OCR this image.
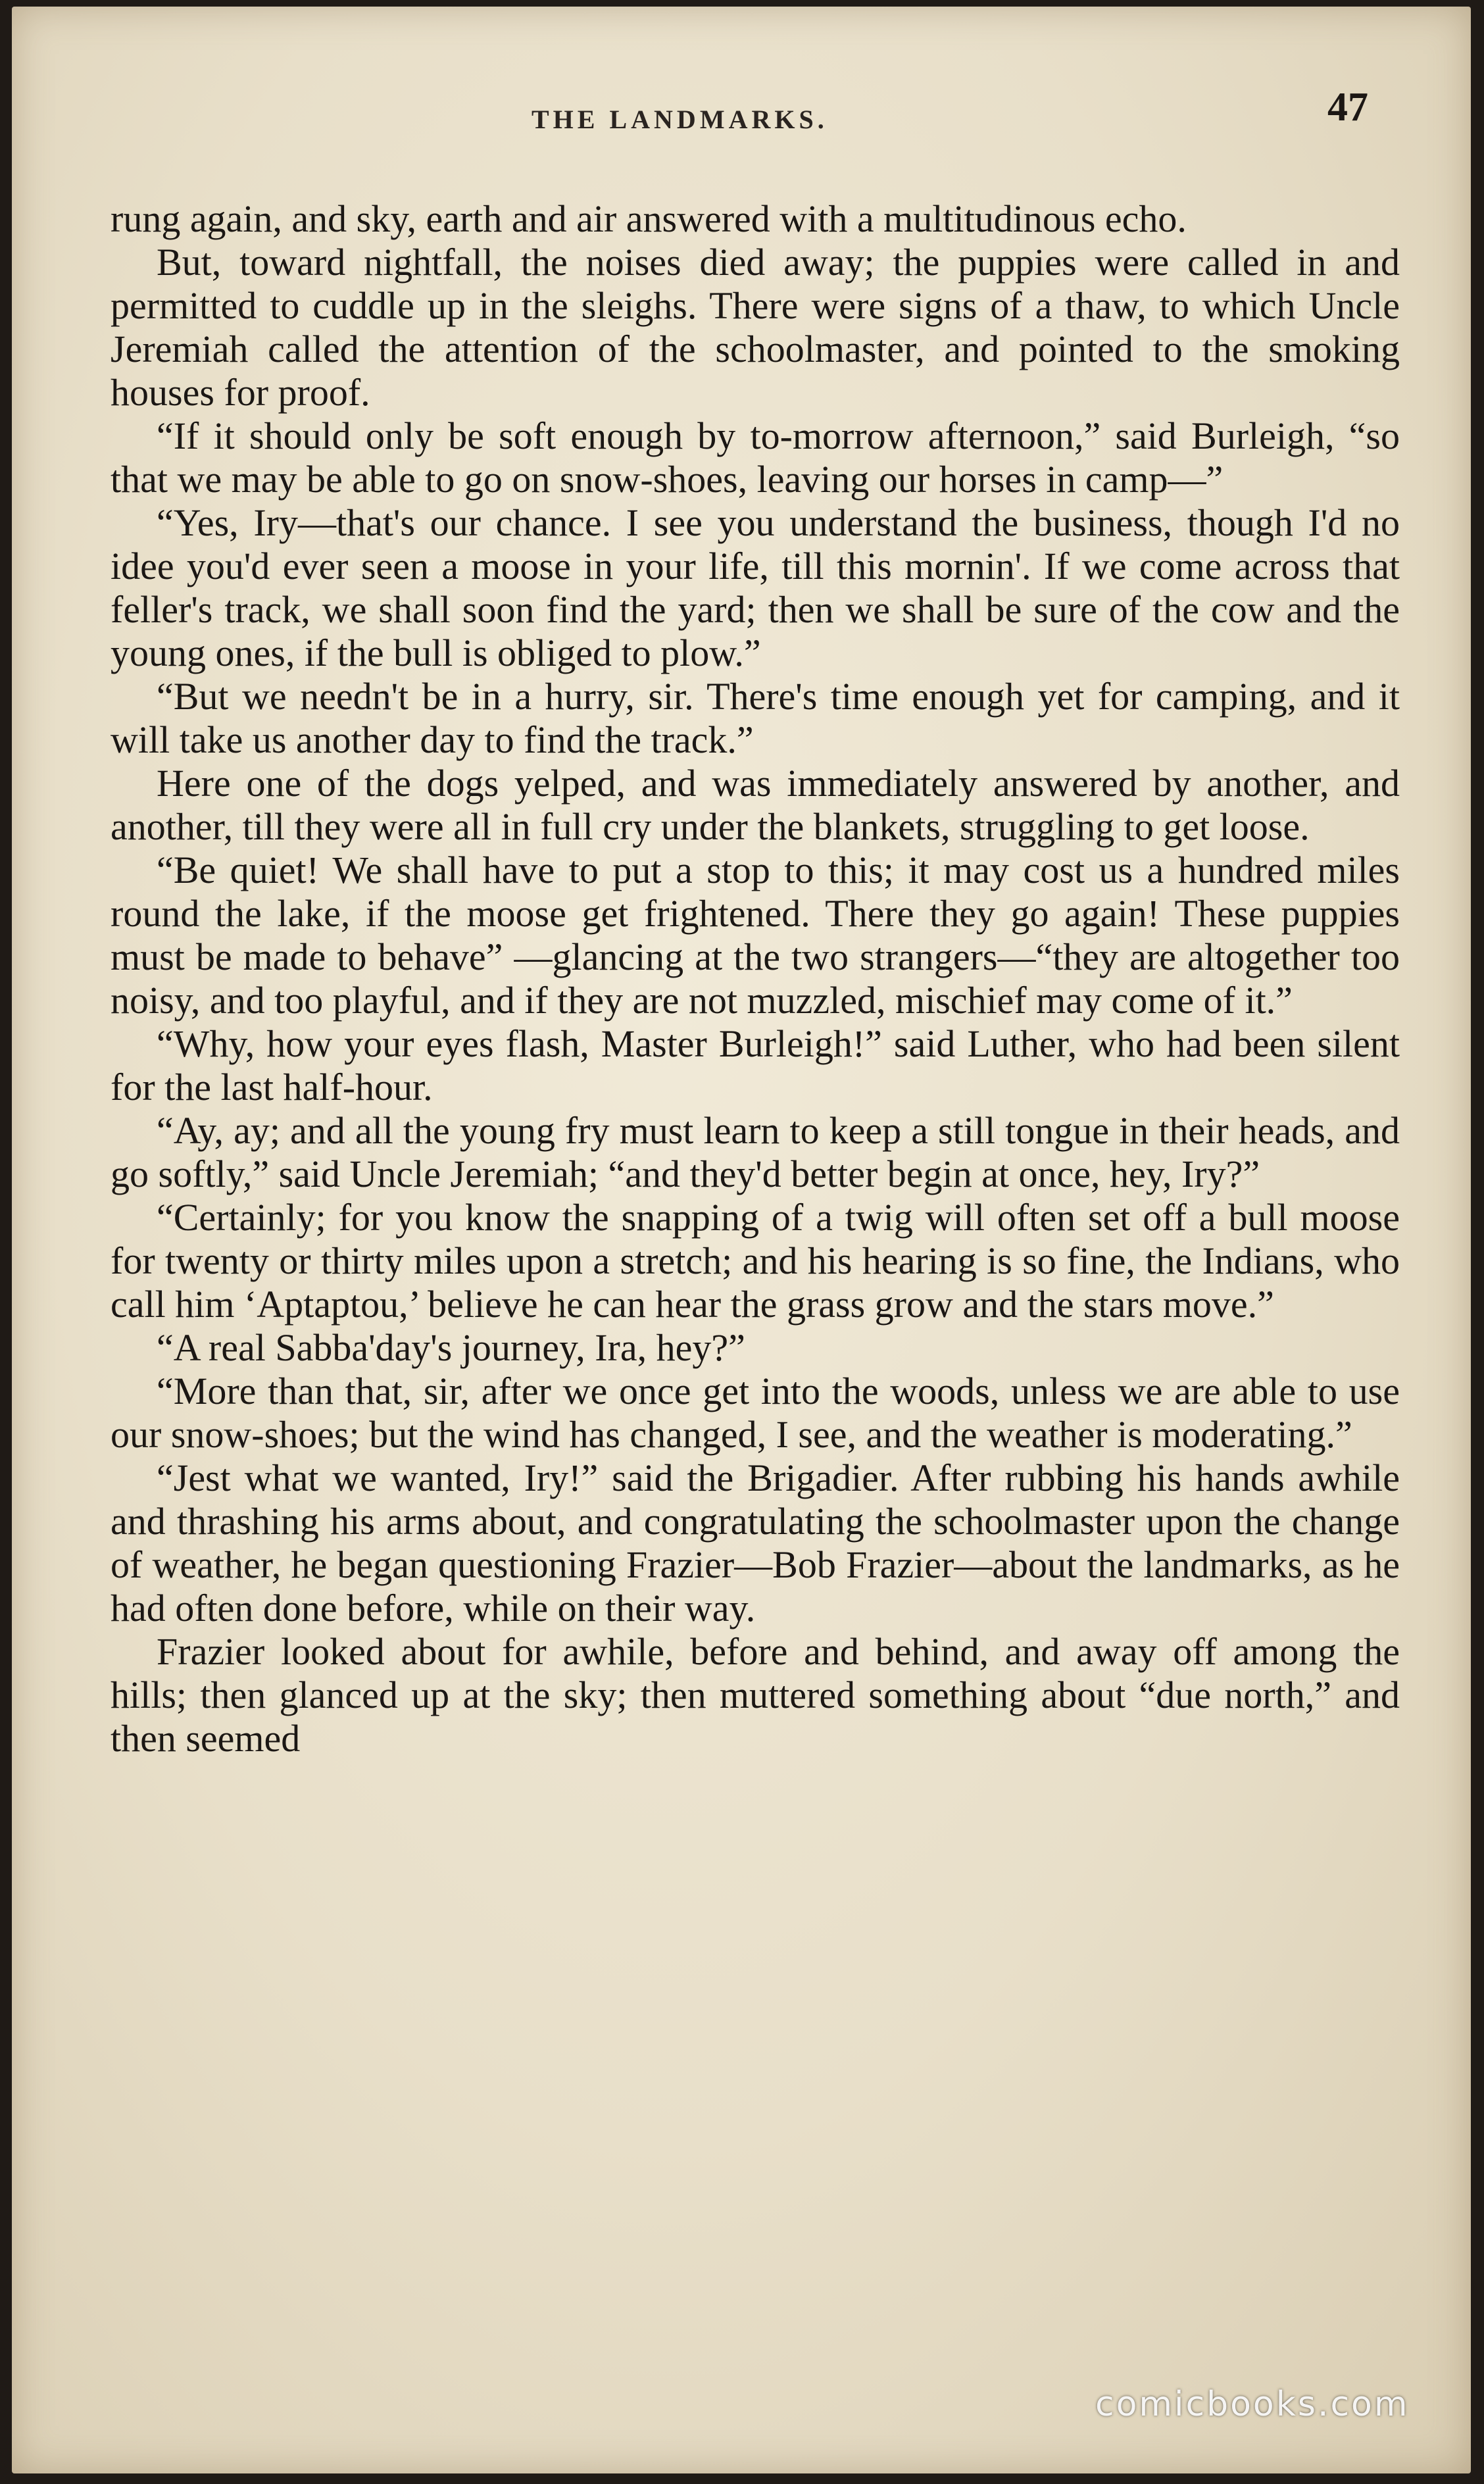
THE LANDMARKS.	47

rung again, and sky, earth and air answered with a multitudinous echo.

But, toward nightfall, the noises died away; the puppies were called in and permitted to cuddle up in the sleighs. There were signs of a thaw, to which Uncle Jeremiah called the attention of the schoolmaster, and pointed to the smoking houses for proof.

“If it should only be soft enough by to-morrow afternoon,” said Burleigh, “so that we may be able to go on snow-shoes, leaving our horses in camp—”

“Yes, Iry—that's our chance. I see you understand the business, though I'd no idee you'd ever seen a moose in your life, till this mornin'. If we come across that feller's track, we shall soon find the yard; then we shall be sure of the cow and the young ones, if the bull is obliged to plow.”

“But we needn't be in a hurry, sir. There's time enough yet for camping, and it will take us another day to find the track.”

Here one of the dogs yelped, and was immediately answered by another, and another, till they were all in full cry under the blankets, struggling to get loose.

“Be quiet! We shall have to put a stop to this; it may cost us a hundred miles round the lake, if the moose get frightened. There they go again! These puppies must be made to behave” —glancing at the two strangers—“they are altogether too noisy, and too playful, and if they are not muzzled, mischief may come of it.”

“Why, how your eyes flash, Master Burleigh!” said Luther, who had been silent for the last half-hour.

“Ay, ay; and all the young fry must learn to keep a still tongue in their heads, and go softly,” said Uncle Jeremiah; “and they'd better begin at once, hey, Iry?”

“Certainly; for you know the snapping of a twig will often set off a bull moose for twenty or thirty miles upon a stretch; and his hearing is so fine, the Indians, who call him ‘Aptaptou,’ believe he can hear the grass grow and the stars move.”

“A real Sabba'day's journey, Ira, hey?”

“More than that, sir, after we once get into the woods, unless we are able to use our snow-shoes; but the wind has changed, I see, and the weather is moderating.”

“Jest what we wanted, Iry!” said the Brigadier. After rubbing his hands awhile and thrashing his arms about, and congratulating the schoolmaster upon the change of weather, he began questioning Frazier—Bob Frazier—about the landmarks, as he had often done before, while on their way.

Frazier looked about for awhile, before and behind, and away off among the hills; then glanced up at the sky; then muttered something about “due north,” and then seemed

comicbooks.com
